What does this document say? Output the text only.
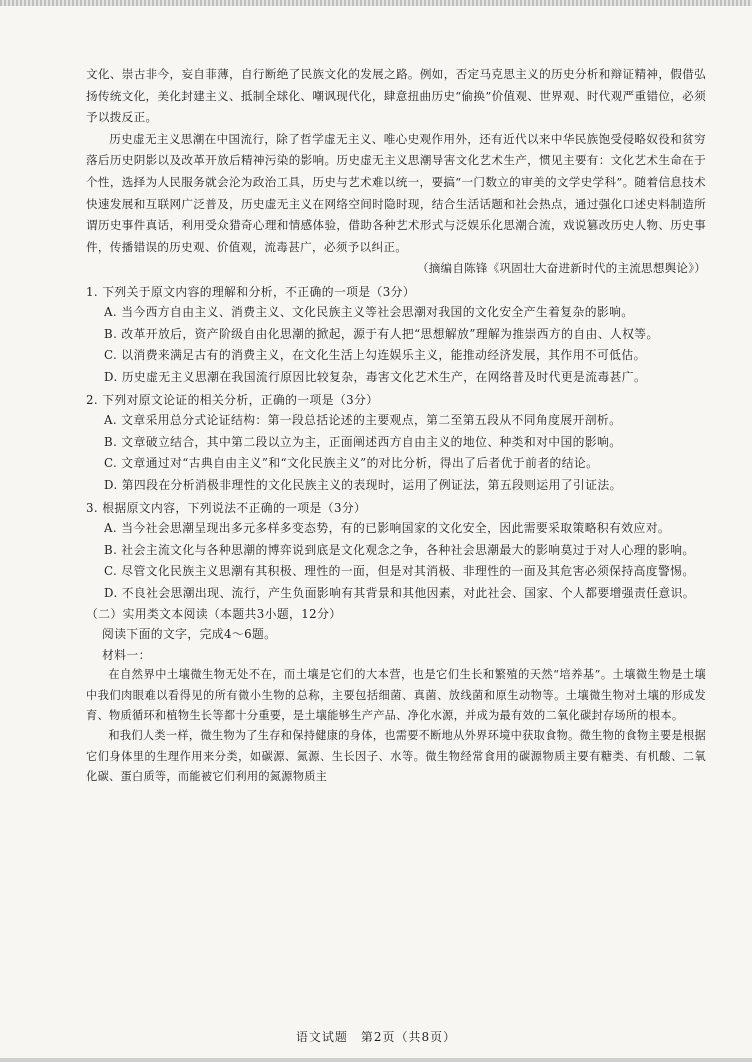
文化、崇古非今，妄自菲薄，自行断绝了民族文化的发展之路。例如，否定马克思主义的历史分析和辩证精神，假借弘扬传统文化，美化封建主义、抵制全球化、嘲讽现代化，肆意扭曲历史“偷换”价值观、世界观、时代观严重错位，必须予以拨反正。

历史虚无主义思潮在中国流行，除了哲学虚无主义、唯心史观作用外，还有近代以来中华民族饱受侵略奴役和贫穷落后历史阴影以及改革开放后精神污染的影响。历史虚无主义思潮导害文化艺术生产，惯见主要有：文化艺术生命在于个性，选择为人民服务就会沦为政治工具，历史与艺术难以统一，要搞“一门数立的审美的文学史学科”。随着信息技术快速发展和互联网广泛普及，历史虚无主义在网络空间时隐时现，结合生活话题和社会热点，通过强化口述史料制造所谓历史事件真话，利用受众猎奇心理和情感体验，借助各种艺术形式与泛娱乐化思潮合流，戏说篡改历史人物、历史事件，传播错误的历史观、价值观，流毒甚广，必须予以纠正。

（摘编自陈锋《巩固壮大奋进新时代的主流思想舆论》）

1. 下列关于原文内容的理解和分析，不正确的一项是（3分）

A. 当今西方自由主义、消费主义、文化民族主义等社会思潮对我国的文化安全产生着复杂的影响。

B. 改革开放后，资产阶级自由化思潮的掀起，源于有人把“思想解放”理解为推崇西方的自由、人权等。

C. 以消费来满足古有的消费主义，在文化生活上勾连娱乐主义，能推动经济发展，其作用不可低估。

D. 历史虚无主义思潮在我国流行原因比较复杂，毒害文化艺术生产，在网络普及时代更是流毒甚广。

2. 下列对原文论证的相关分析，正确的一项是（3分）

A. 文章采用总分式论证结构：第一段总括论述的主要观点，第二至第五段从不同角度展开剖析。

B. 文章破立结合，其中第二段以立为主，正面阐述西方自由主义的地位、种类和对中国的影响。

C. 文章通过对“古典自由主义”和“文化民族主义”的对比分析，得出了后者优于前者的结论。

D. 第四段在分析消极非理性的文化民族主义的表现时，运用了例证法，第五段则运用了引证法。

3. 根据原文内容，下列说法不正确的一项是（3分）

A. 当今社会思潮呈现出多元多样多变态势，有的已影响国家的文化安全，因此需要采取策略积有效应对。

B. 社会主流文化与各种思潮的博弈说到底是文化观念之争，各种社会思潮最大的影响莫过于对人心理的影响。

C. 尽管文化民族主义思潮有其积极、理性的一面，但是对其消极、非理性的一面及其危害必须保持高度警惕。

D. 不良社会思潮出现、流行，产生负面影响有其背景和其他因素，对此社会、国家、个人都要增强责任意识。

（二）实用类文本阅读（本题共3小题，12分）

阅读下面的文字，完成4～6题。

材料一：

在自然界中土壤微生物无处不在，而土壤是它们的大本营，也是它们生长和繁殖的天然“培养基”。土壤微生物是土壤中我们肉眼难以看得见的所有微小生物的总称，主要包括细菌、真菌、放线菌和原生动物等。土壤微生物对土壤的形成发育、物质循环和植物生长等都十分重要，是土壤能够生产产品、净化水源，并成为最有效的二氧化碳封存场所的根本。

和我们人类一样，微生物为了生存和保持健康的身体，也需要不断地从外界环境中获取食物。微生物的食物主要是根据它们身体里的生理作用来分类，如碳源、氮源、生长因子、水等。微生物经常食用的碳源物质主要有糖类、有机酸、二氧化碳、蛋白质等，而能被它们利用的氮源物质主

语文试题　第2页（共8页）
